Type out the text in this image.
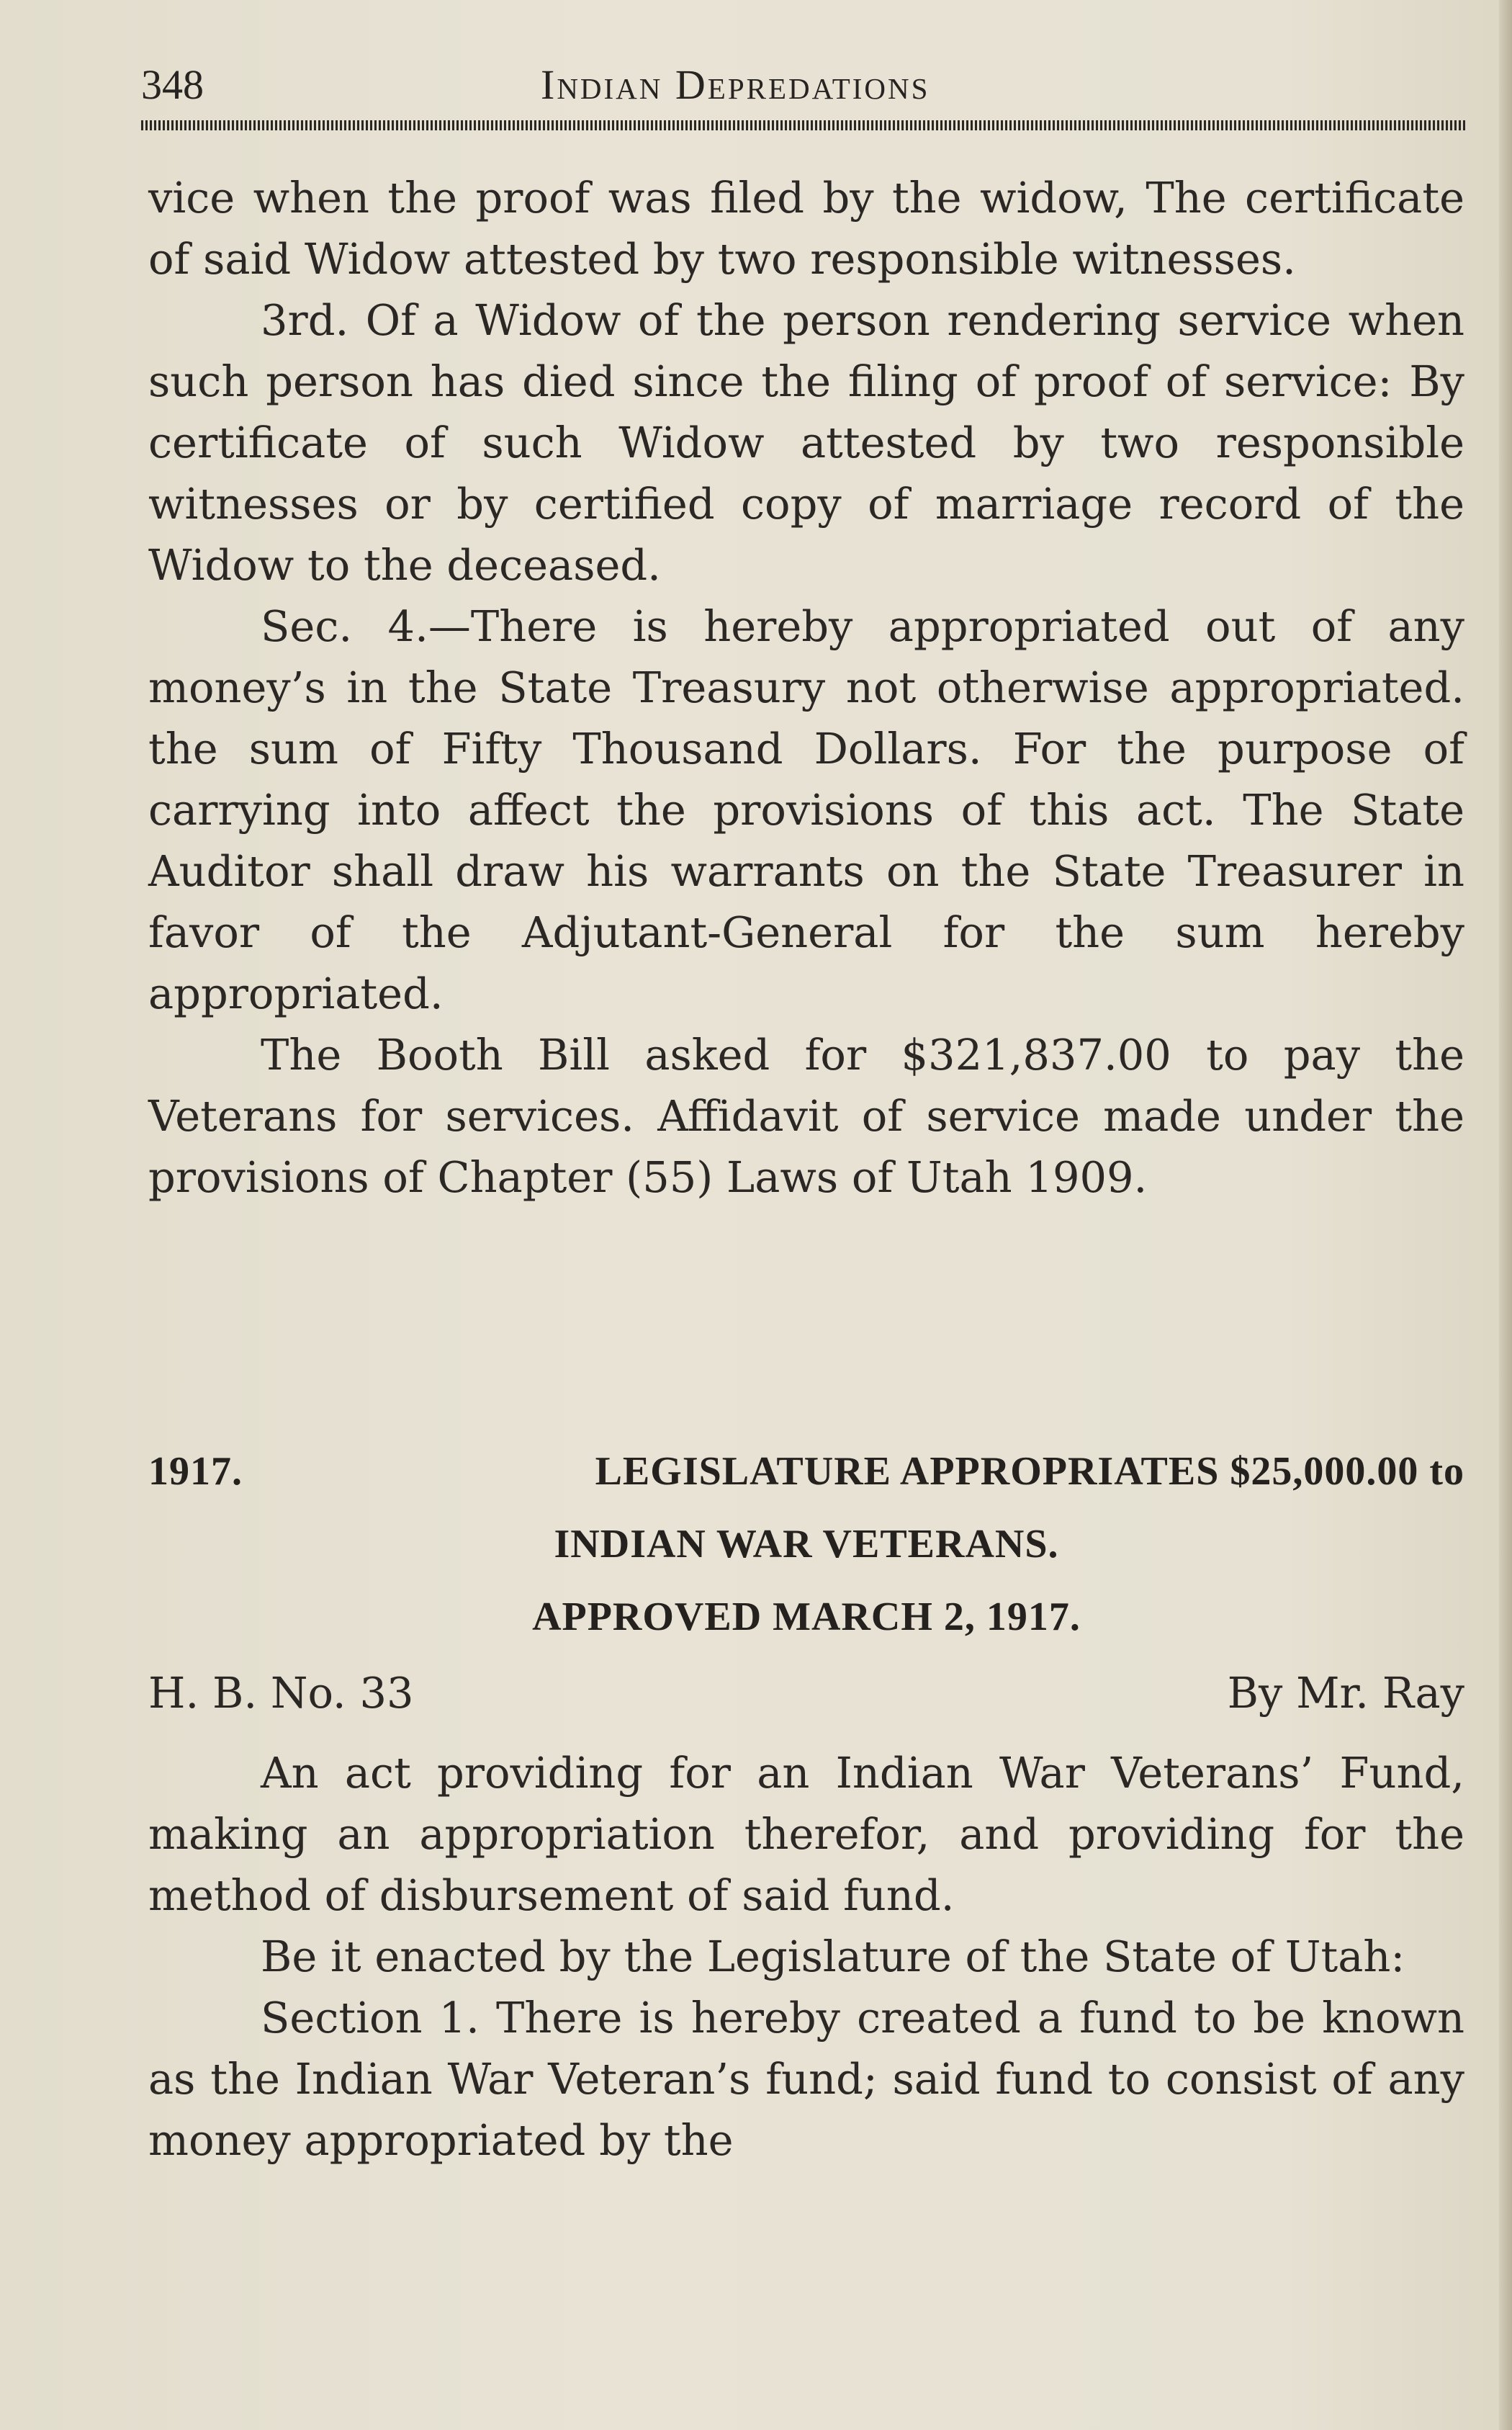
348	Indian Depredations

vice when the proof was filed by the widow, The certificate of said Widow attested by two responsible witnesses.

3rd. Of a Widow of the person rendering service when such person has died since the filing of proof of service: By certificate of such Widow attested by two responsible witnesses or by certified copy of marriage record of the Widow to the deceased.

Sec. 4.—There is hereby appropriated out of any money’s in the State Treasury not otherwise appropriated. the sum of Fifty Thousand Dollars. For the purpose of carrying into affect the provisions of this act. The State Auditor shall draw his warrants on the State Treasurer in favor of the Adjutant-General for the sum hereby appropriated.

The Booth Bill asked for $321,837.00 to pay the Veterans for services. Affidavit of service made under the provisions of Chapter (55) Laws of Utah 1909.

1917.	LEGISLATURE APPROPRIATES $25,000.00 to
INDIAN WAR VETERANS.
APPROVED MARCH 2, 1917.
H. B. No. 33	By Mr. Ray

An act providing for an Indian War Veterans’ Fund, making an appropriation therefor, and providing for the method of disbursement of said fund.

Be it enacted by the Legislature of the State of Utah:

Section 1. There is hereby created a fund to be known as the Indian War Veteran’s fund; said fund to consist of any money appropriated by the
